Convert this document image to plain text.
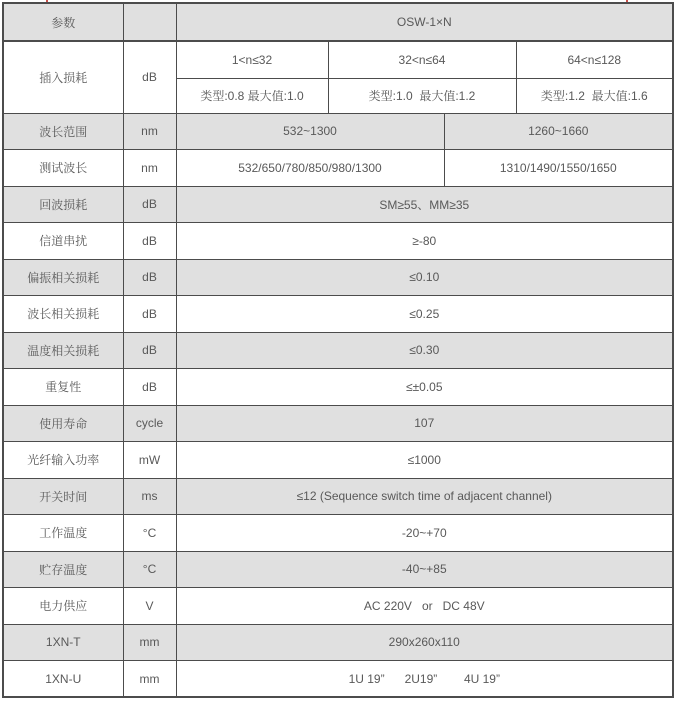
参数		OSW-1×N			
插入损耗	dB	1<n≤32	32<n≤64		64<n≤128
		类型:0.8 最大值:1.0	类型:1.0  最大值:1.2		类型:1.2  最大值:1.6
波长范围	nm	532~1300		1260~1660	
测试波长	nm	532/650/780/850/980/1300		1310/1490/1550/1650	
回波损耗	dB	SM≥55、MM≥35			
信道串扰	dB	≥-80			
偏振相关损耗	dB	≤0.10			
波长相关损耗	dB	≤0.25			
温度相关损耗	dB	≤0.30			
重复性	dB	≤±0.05			
使用寿命	cycle	107			
光纤输入功率	mW	≤1000			
开关时间	ms	≤12 (Sequence switch time of adjacent channel)			
工作温度	°C	-20~+70			
贮存温度	°C	-40~+85			
电力供应	V	AC 220V   or   DC 48V			
1XN-T	mm	290x260x110			
1XN-U	mm	1U 19”      2U19”        4U 19”			
